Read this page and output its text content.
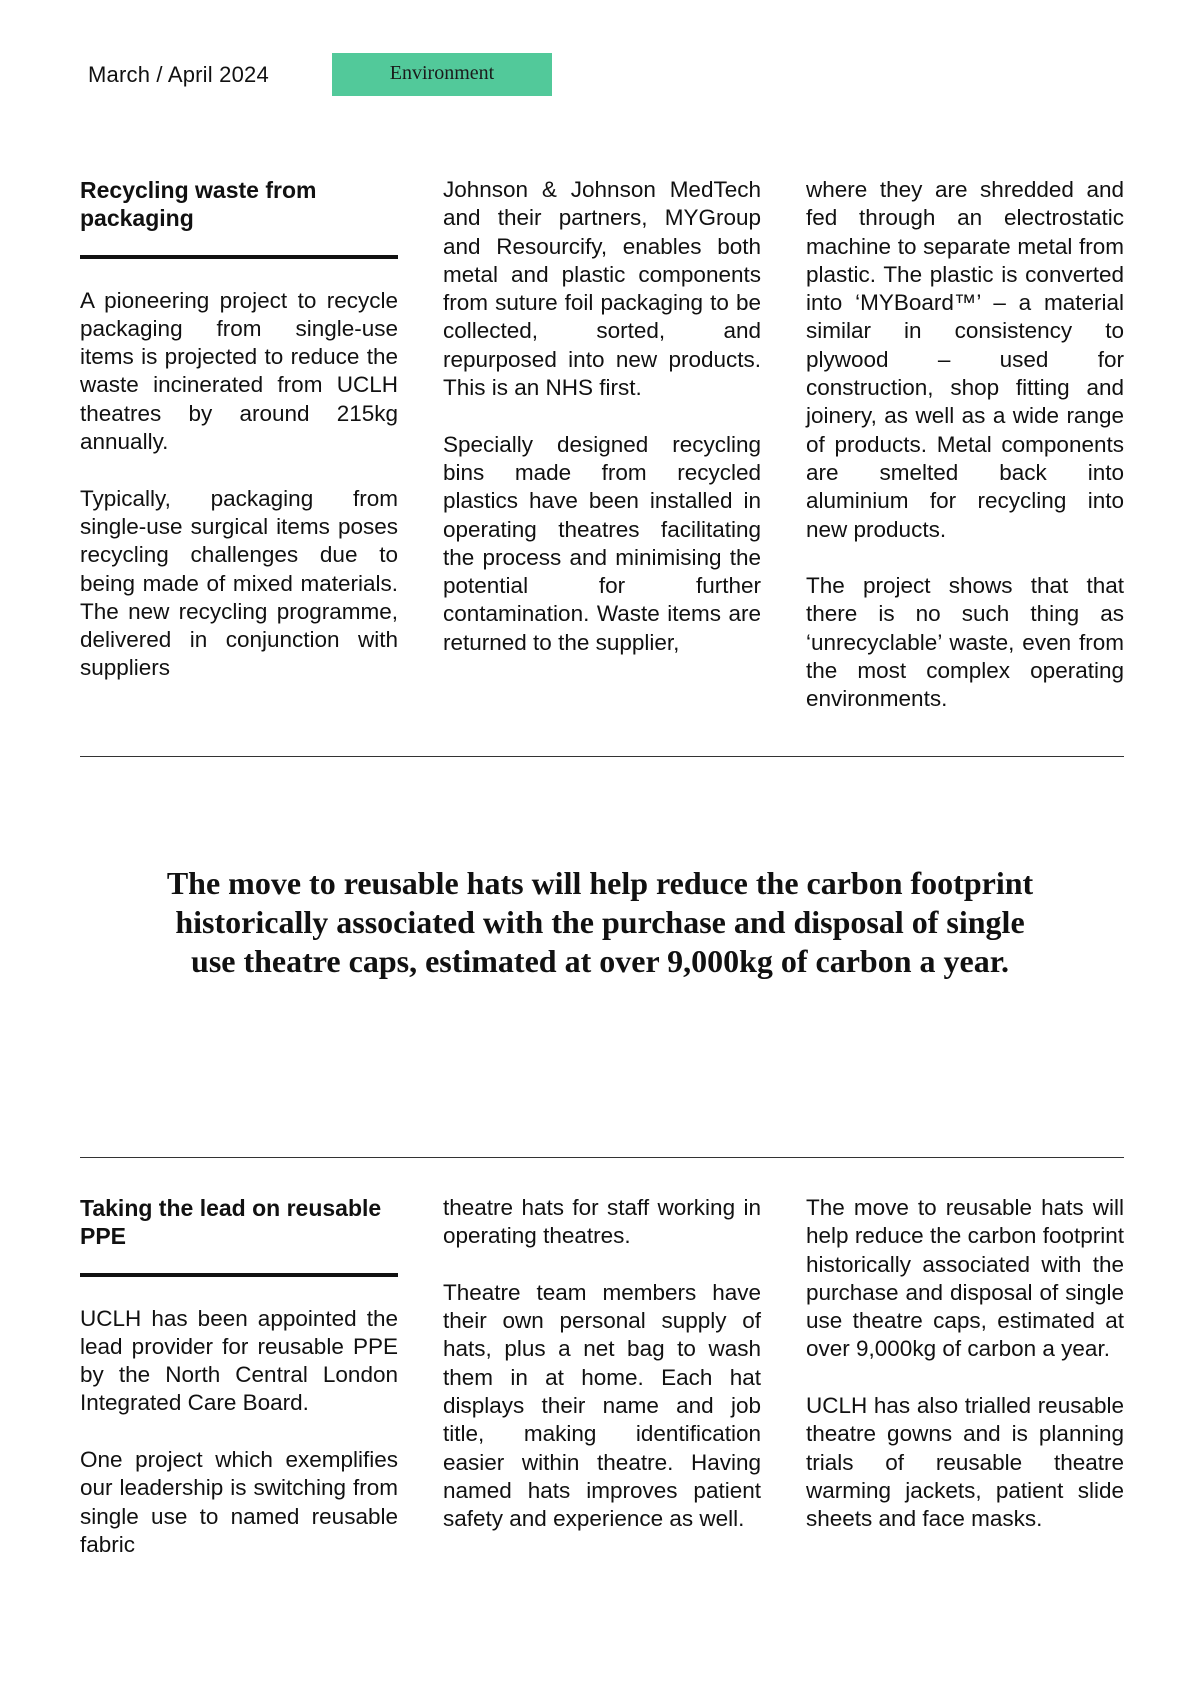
March / April 2024	Environment
Recycling waste from packaging

A pioneering project to recycle packaging from single-use items is projected to reduce the waste incinerated from UCLH theatres by around 215kg annually.

Typically, packaging from single-use surgical items poses recycling challenges due to being made of mixed materials. The new recycling programme, delivered in conjunction with suppliers

Johnson & Johnson MedTech and their partners, MYGroup and Resourcify, enables both metal and plastic components from suture foil packaging to be collected, sorted, and repurposed into new products. This is an NHS first.

Specially designed recycling bins made from recycled plastics have been installed in operating theatres facilitating the process and minimising the potential for further contamination. Waste items are returned to the supplier,

where they are shredded and fed through an electrostatic machine to separate metal from plastic. The plastic is converted into ‘MYBoard™’ – a material similar in consistency to plywood – used for construction, shop fitting and joinery, as well as a wide range of products. Metal components are smelted back into aluminium for recycling into new products.

The project shows that that there is no such thing as ‘unrecyclable’ waste, even from the most complex operating environments.

The move to reusable hats will help reduce the carbon footprint historically associated with the purchase and disposal of single use theatre caps, estimated at over 9,000kg of carbon a year.
Taking the lead on reusable PPE

UCLH has been appointed the lead provider for reusable PPE by the North Central London Integrated Care Board.

One project which exemplifies our leadership is switching from single use to named reusable fabric

theatre hats for staff working in operating theatres.

Theatre team members have their own personal supply of hats, plus a net bag to wash them in at home. Each hat displays their name and job title, making identification easier within theatre. Having named hats improves patient safety and experience as well.

The move to reusable hats will help reduce the carbon footprint historically associated with the purchase and disposal of single use theatre caps, estimated at over 9,000kg of carbon a year.

UCLH has also trialled reusable theatre gowns and is planning trials of reusable theatre warming jackets, patient slide sheets and face masks.
